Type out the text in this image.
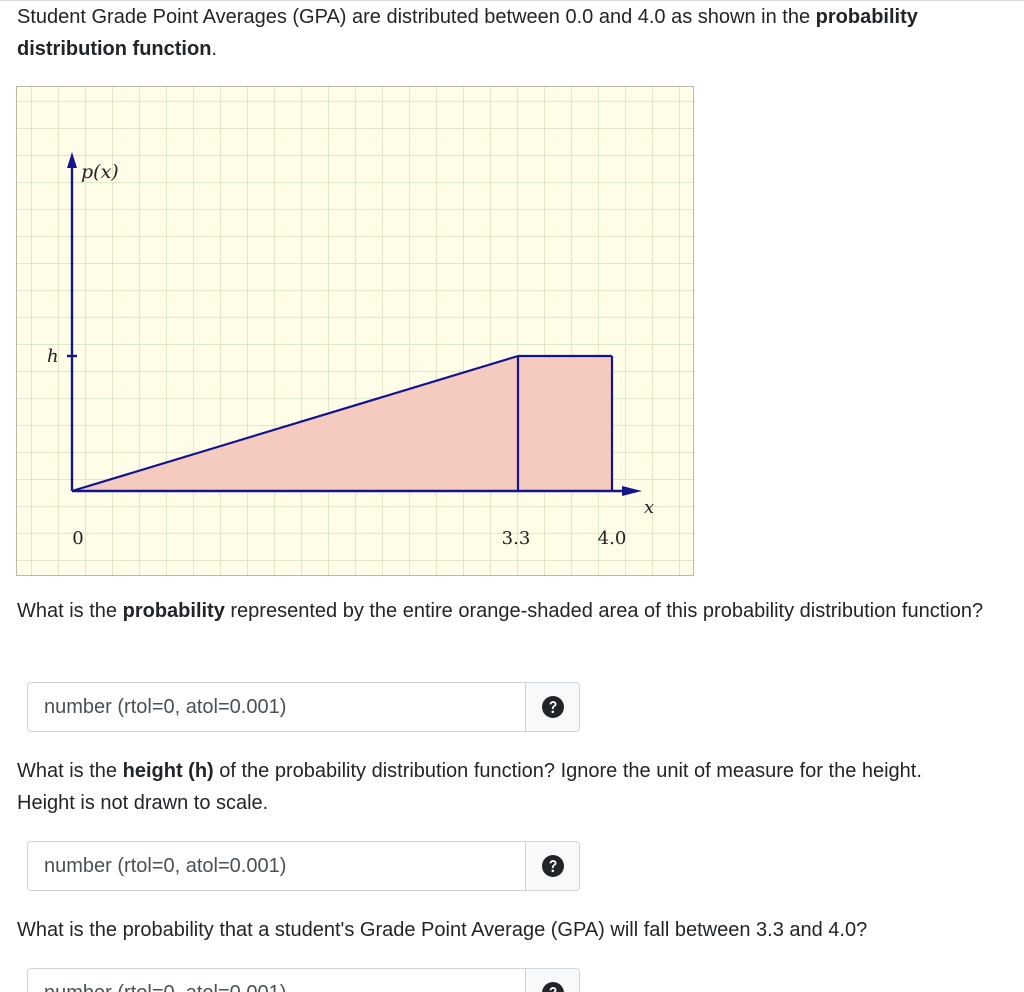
Student Grade Point Averages (GPA) are distributed between 0.0 and 4.0 as shown in the probability distribution function.

p(x)
h
x
0	3.3	4.0

What is the probability represented by the entire orange-shaded area of this probability distribution function?

number (rtol=0, atol=0.001)

What is the height (h) of the probability distribution function? Ignore the unit of measure for the height.
Height is not drawn to scale.

number (rtol=0, atol=0.001)

What is the probability that a student's Grade Point Average (GPA) will fall between 3.3 and 4.0?

number (rtol=0, atol=0.001)
